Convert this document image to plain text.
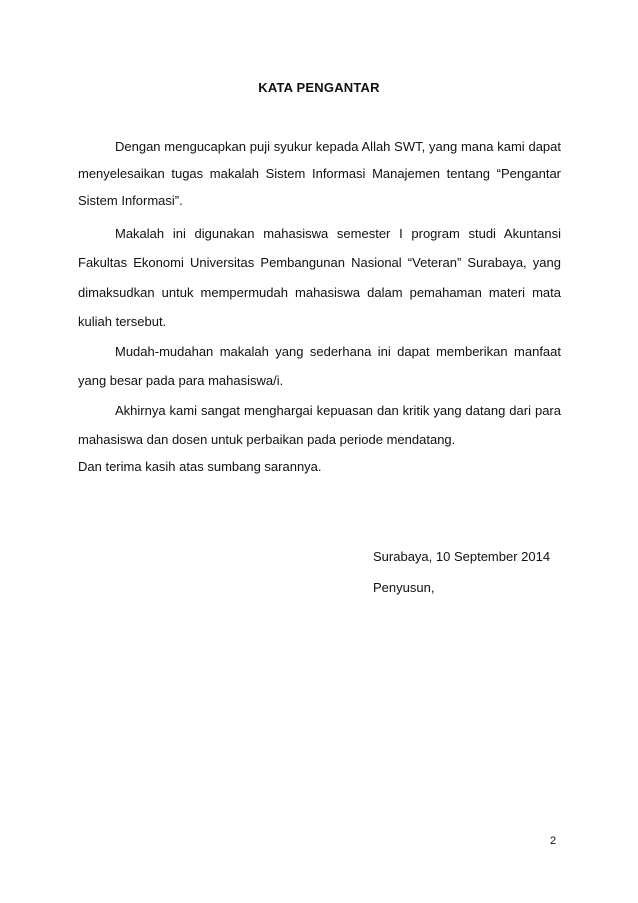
KATA PENGANTAR
Dengan mengucapkan puji syukur kepada Allah SWT, yang mana kami dapat
menyelesaikan tugas makalah Sistem Informasi Manajemen tentang “Pengantar
Sistem Informasi”.
Makalah ini digunakan mahasiswa semester I program studi Akuntansi
Fakultas Ekonomi Universitas Pembangunan Nasional “Veteran” Surabaya, yang
dimaksudkan untuk mempermudah mahasiswa dalam pemahaman materi mata
kuliah tersebut.
Mudah-mudahan makalah yang sederhana ini dapat memberikan manfaat
yang besar pada para mahasiswa/i.
Akhirnya kami sangat menghargai kepuasan dan kritik yang datang dari para
mahasiswa dan dosen untuk perbaikan pada periode mendatang.
Dan terima kasih atas sumbang sarannya.
Surabaya, 10 September 2014
Penyusun,
2
